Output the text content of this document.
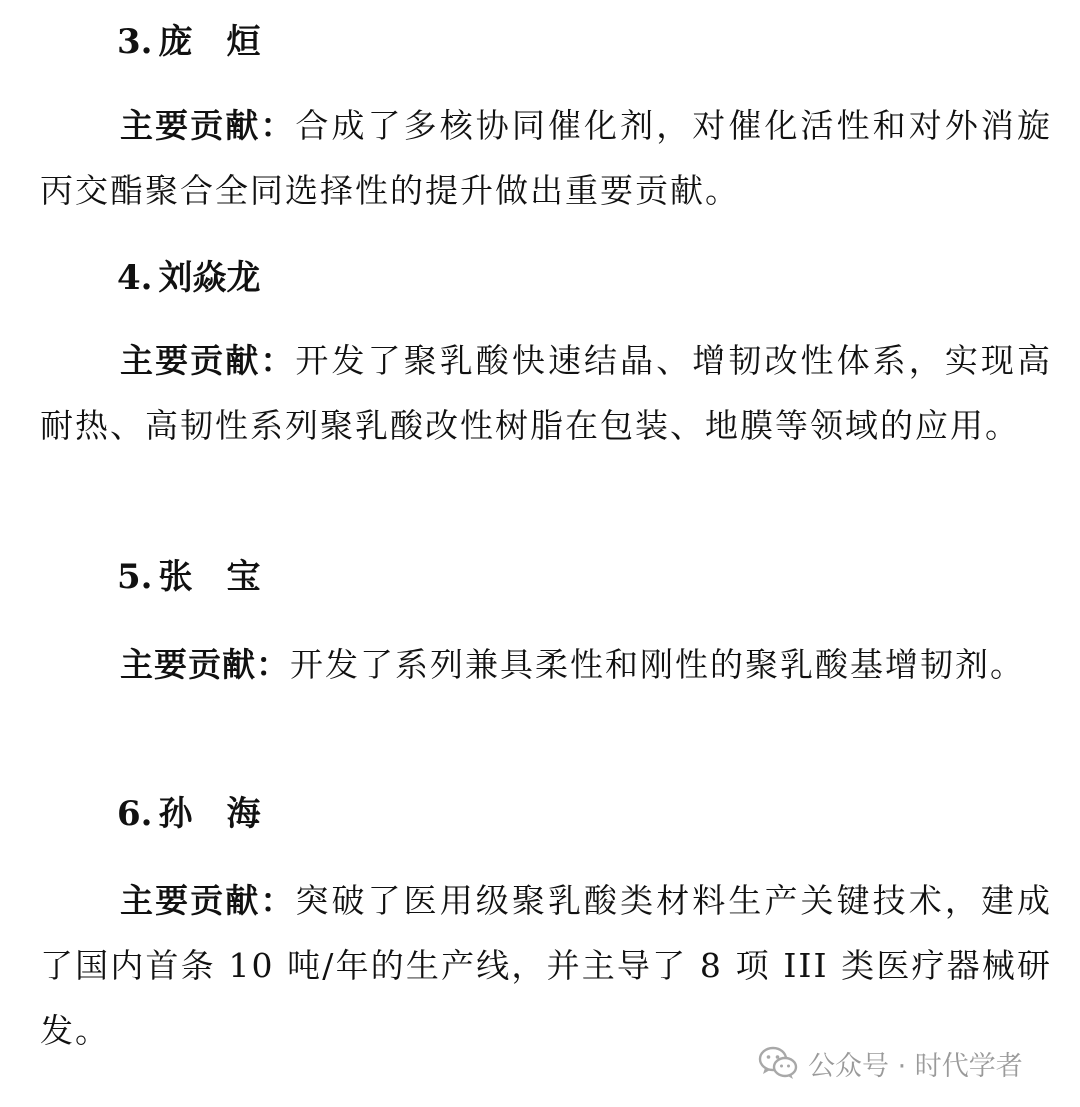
3. 庞 烜
主要贡献：合成了多核协同催化剂，对催化活性和对外消旋丙交酯聚合全同选择性的提升做出重要贡献。
4. 刘焱龙
主要贡献：开发了聚乳酸快速结晶、增韧改性体系，实现高耐热、高韧性系列聚乳酸改性树脂在包装、地膜等领域的应用。
5. 张 宝
主要贡献：开发了系列兼具柔性和刚性的聚乳酸基增韧剂。
6. 孙 海
主要贡献：突破了医用级聚乳酸类材料生产关键技术，建成了国内首条 10 吨/年的生产线，并主导了 8 项 III 类医疗器械研发。
公众号 · 时代学者
